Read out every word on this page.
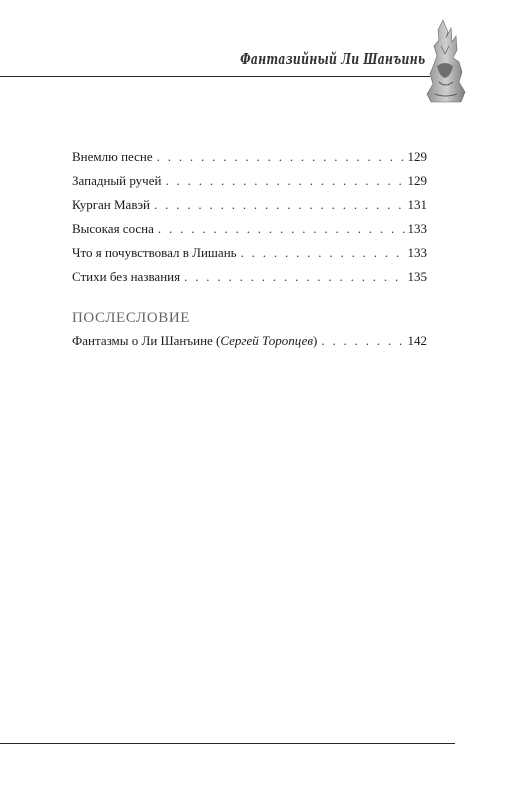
Фантазийный Ли Шанъинь
Внемлю песне . . .	129
Западный ручей . . .	129
Курган Мавэй . . .	131
Высокая сосна . . .	133
Что я почувствовал в Лишань . . .	133
Стихи без названия . . .	135
ПОСЛЕСЛОВИЕ
Фантазмы о Ли Шанъине (Сергей Торопцев) . . .	142
